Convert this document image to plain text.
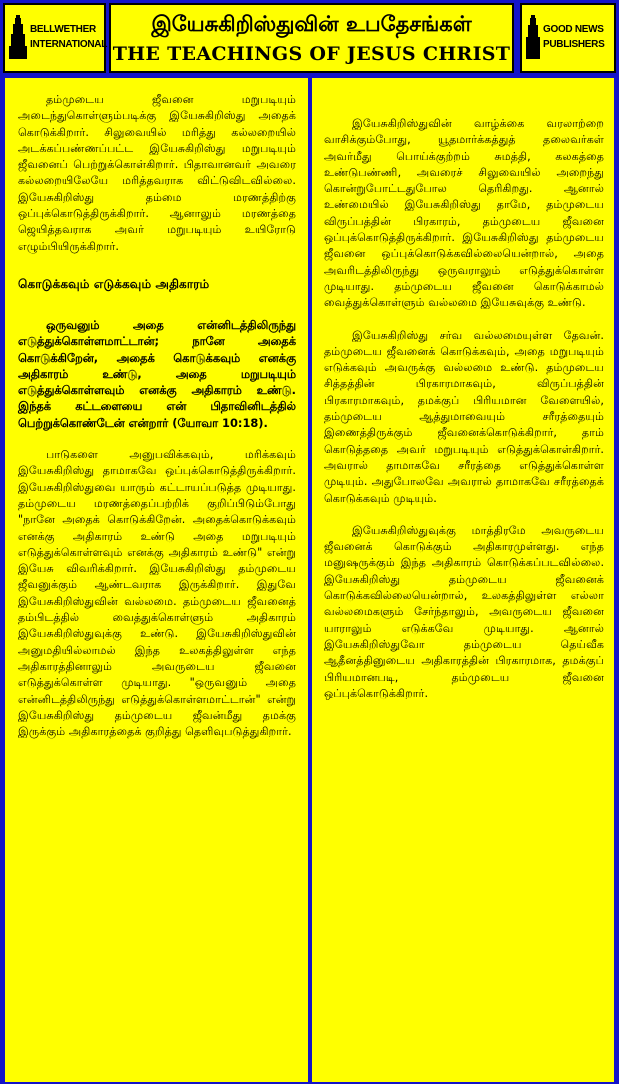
BELLWETHER
INTERNATIONAL
இயேசுகிறிஸ்துவின் உபதேசங்கள்
THE TEACHINGS OF JESUS CHRIST
GOOD NEWS
PUBLISHERS

தம்முடைய ஜீவனை மறுபடியும் அடைந்துகொள்ளும்படிக்கு இயேசுகிறிஸ்து அதைக் கொடுக்கிறார். சிலுவையில் மரித்து கல்லறையில் அடக்கப்பண்ணப்பட்ட இயேசுகிறிஸ்து மறுபடியும் ஜீவனைப் பெற்றுக்கொள்கிறார். பிதாவானவர் அவரை கல்லறையிலேயே மரித்தவராக விட்டுவிடவில்லை. இயேசுகிறிஸ்து தம்மை மரணத்திற்கு ஒப்புக்கொடுத்திருக்கிறார். ஆனாலும் மரணத்தை ஜெயித்தவராக அவர் மறுபடியும் உயிரோடு எழும்பியிருக்கிறார்.

கொடுக்கவும் எடுக்கவும் அதிகாரம்

ஒருவனும் அதை என்னிடத்திலிருந்து எடுத்துக்கொள்ளமாட்டான்; நானே அதைக் கொடுக்கிறேன், அதைக் கொடுக்கவும் எனக்கு அதிகாரம் உண்டு, அதை மறுபடியும் எடுத்துக்கொள்ளவும் எனக்கு அதிகாரம் உண்டு. இந்தக் கட்டளையை என் பிதாவினிடத்தில் பெற்றுக்கொண்டேன் என்றார் (யோவா 10:18).

பாடுகளை அனுபவிக்கவும், மரிக்கவும் இயேசுகிறிஸ்து தாமாகவே ஒப்புக்கொடுத்திருக்கிறார். இயேசுகிறிஸ்துவை யாரும் கட்டாயப்படுத்த முடியாது. தம்முடைய மரணத்தைப்பற்றிக் குறிப்பிடும்போது "நானே அதைக் கொடுக்கிறேன். அதைக்கொடுக்கவும் எனக்கு அதிகாரம் உண்டு அதை மறுபடியும் எடுத்துக்கொள்ளவும் எனக்கு அதிகாரம் உண்டு" என்று இயேசு விவரிக்கிறார். இயேசுகிறிஸ்து தம்முடைய ஜீவனுக்கும் ஆண்டவராக இருக்கிறார். இதுவே இயேசுகிறிஸ்துவின் வல்லமை. தம்முடைய ஜீவனைத் தம்பிடத்தில் வைத்துக்கொள்ளும் அதிகாரம் இயேசுகிறிஸ்துவுக்கு உண்டு. இயேசுகிறிஸ்துவின் அனுமதியில்லாமல் இந்த உலகத்திலுள்ள எந்த அதிகாரத்தினாலும் அவருடைய ஜீவனை எடுத்துக்கொள்ள முடியாது. "ஒருவனும் அதை என்னிடத்திலிருந்து எடுத்துக்கொள்ளமாட்டான்" என்று இயேசுகிறிஸ்து தம்முடைய ஜீவன்மீது தமக்கு இருக்கும் அதிகாரத்தைக் குறித்து தெளிவுபடுத்துகிறார்.

இயேசுகிறிஸ்துவின் வாழ்க்கை வரலாற்றை வாசிக்கும்போது, யூதமார்க்கத்துத் தலைவர்கள் அவர்மீது பொய்க்குற்றம் சுமத்தி, கலகத்தை உண்டுபண்ணி, அவரைச் சிலுவையில் அறைந்து கொன்றுபோட்டதுபோல தெரிகிறது. ஆனால் உண்மையில் இயேசுகிறிஸ்து தாமே, தம்முடைய விருப்பத்தின் பிரகாரம், தம்முடைய ஜீவனை ஒப்புக்கொடுத்திருக்கிறார். இயேசுகிறிஸ்து தம்முடைய ஜீவனை ஒப்புக்கொடுக்கவில்லையென்றால், அதை அவரிடத்திலிருந்து ஒருவராலும் எடுத்துக்கொள்ள முடியாது. தம்முடைய ஜீவனை கொடுக்காமல் வைத்துக்கொள்ளும் வல்லமை இயேசுவுக்கு உண்டு.

இயேசுகிறிஸ்து சர்வ வல்லமையுள்ள தேவன். தம்முடைய ஜீவனைக் கொடுக்கவும், அதை மறுபடியும் எடுக்கவும் அவருக்கு வல்லமை உண்டு. தம்முடைய சித்தத்தின் பிரகாரமாகவும், விருப்பத்தின் பிரகாரமாகவும், தமக்குப் பிரியமான வேளையில், தம்முடைய ஆத்துமாவையும் சரீரத்தையும் இணைத்திருக்கும் ஜீவனைக்கொடுக்கிறார், தாம் கொடுத்ததை அவர் மறுபடியும் எடுத்துக்கொள்கிறார். அவரால் தாமாகவே சரீரத்தை எடுத்துக்கொள்ள முடியும். அதுபோலவே அவரால் தாமாகவே சரீரத்தைக் கொடுக்கவும் முடியும்.

இயேசுகிறிஸ்துவுக்கு மாத்திரமே அவருடைய ஜீவனைக் கொடுக்கும் அதிகாரமுள்ளது. எந்த மனுஷருக்கும் இந்த அதிகாரம் கொடுக்கப்படவில்லை. இயேசுகிறிஸ்து தம்முடைய ஜீவனைக் கொடுக்கவில்லையென்றால், உலகத்திலுள்ள எல்லா வல்லமைகளும் சேர்ந்தாலும், அவருடைய ஜீவனை யாராலும் எடுக்கவே முடியாது. ஆனால் இயேசுகிறிஸ்துவோ தம்முடைய தெய்வீக ஆதீனத்தினுடைய அதிகாரத்தின் பிரகாரமாக, தமக்குப் பிரியமானபடி, தம்முடைய ஜீவனை ஒப்புக்கொடுக்கிறார்.
